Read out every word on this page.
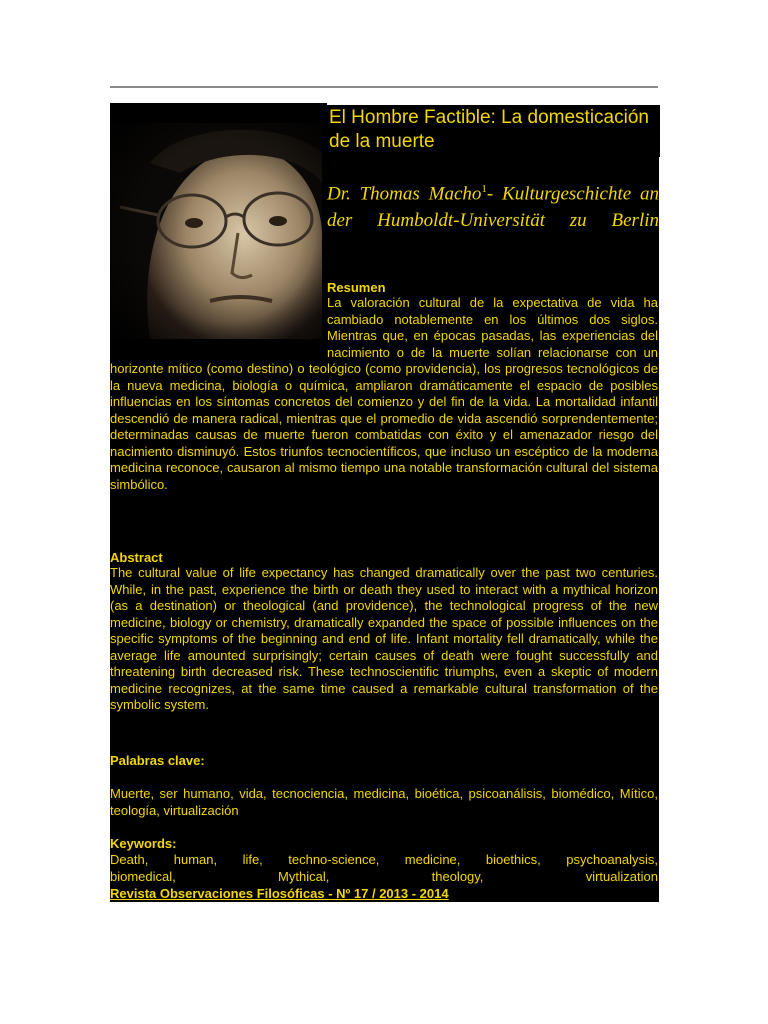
El Hombre Factible: La domesticación de la muerte

Dr. Thomas Macho$^1$- Kulturgeschichte an der Humboldt-Universität zu Berlin

Resumen

La valoración cultural de la expectativa de vida ha cambiado notablemente en los últimos dos siglos. Mientras que, en épocas pasadas, las experiencias del nacimiento o de la muerte solían relacionarse con un horizonte mítico (como destino) o teológico (como providencia), los progresos tecnológicos de la nueva medicina, biología o química, ampliaron dramáticamente el espacio de posibles influencias en los síntomas concretos del comienzo y del fin de la vida. La mortalidad infantil descendió de manera radical, mientras que el promedio de vida ascendió sorprendentemente; determinadas causas de muerte fueron combatidas con éxito y el amenazador riesgo del nacimiento disminuyó. Estos triunfos tecnocientíficos, que incluso un escéptico de la moderna medicina reconoce, causaron al mismo tiempo una notable transformación cultural del sistema simbólico.

Abstract

The cultural value of life expectancy has changed dramatically over the past two centuries. While, in the past, experience the birth or death they used to interact with a mythical horizon (as a destination) or theological (and providence), the technological progress of the new medicine, biology or chemistry, dramatically expanded the space of possible influences on the specific symptoms of the beginning and end of life. Infant mortality fell dramatically, while the average life amounted surprisingly; certain causes of death were fought successfully and threatening birth decreased risk. These technoscientific triumphs, even a skeptic of modern medicine recognizes, at the same time caused a remarkable cultural transformation of the symbolic system.

Palabras clave:

Muerte, ser humano, vida, tecnociencia, medicina, bioética, psicoanálisis, biomédico, Mítico, teología, virtualización

Keywords:
Death, human, life, techno-science, medicine, bioethics, psychoanalysis,
biomedical,	Mythical,	theology,	virtualization
Revista Observaciones Filosóficas - Nº 17 / 2013 - 2014
